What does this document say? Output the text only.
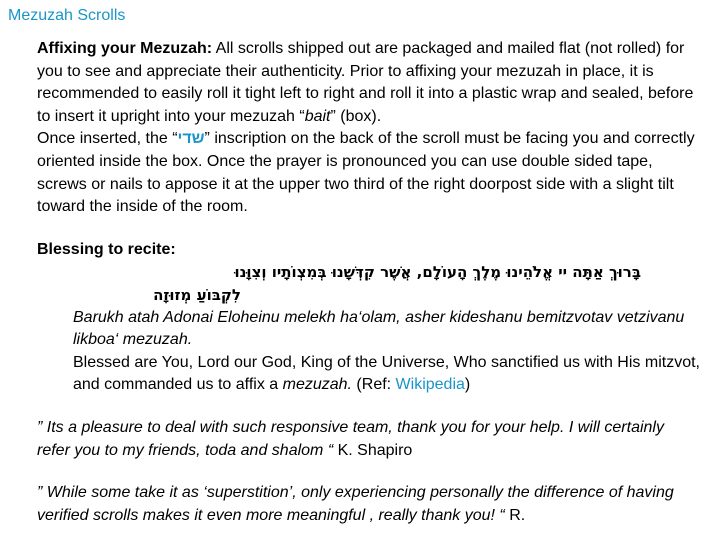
Mezuzah Scrolls

Affixing your Mezuzah: All scrolls shipped out are packaged and mailed flat (not rolled) for you to see and appreciate their authenticity. Prior to affixing your mezuzah in place, it is recommended to easily roll it tight left to right and roll it into a plastic wrap and sealed, before to insert it upright into your mezuzah “bait” (box).

Once inserted, the “שדי” inscription on the back of the scroll must be facing you and correctly oriented inside the box. Once the prayer is pronounced you can use double sided tape, screws or nails to appose it at the upper two third of the right doorpost side with a slight tilt toward the inside of the room.

Blessing to recite:

בָּרוּךְ אַתָּה יי אֱלֹהֵינוּ מֶלֶךְ הָעוֹלָם, אֲשֶׁר קִדְּשָׁנוּ בְּמִצְוֹתָיו וְצִוָּנוּ

לִקְבּוֹעַ מְזוּזָה

Barukh atah Adonai Eloheinu melekh ha‘olam, asher kideshanu bemitzvotav vetzivanu likboa‘ mezuzah.

Blessed are You, Lord our God, King of the Universe, Who sanctified us with His mitzvot, and commanded us to affix a mezuzah. (Ref: Wikipedia)

” Its a pleasure to deal with such responsive team, thank you for your help. I will certainly refer you to my friends, toda and shalom “ K. Shapiro

” While some take it as ‘superstition’, only experiencing personally the difference of having verified scrolls makes it even more meaningful , really thank you! “ R.
